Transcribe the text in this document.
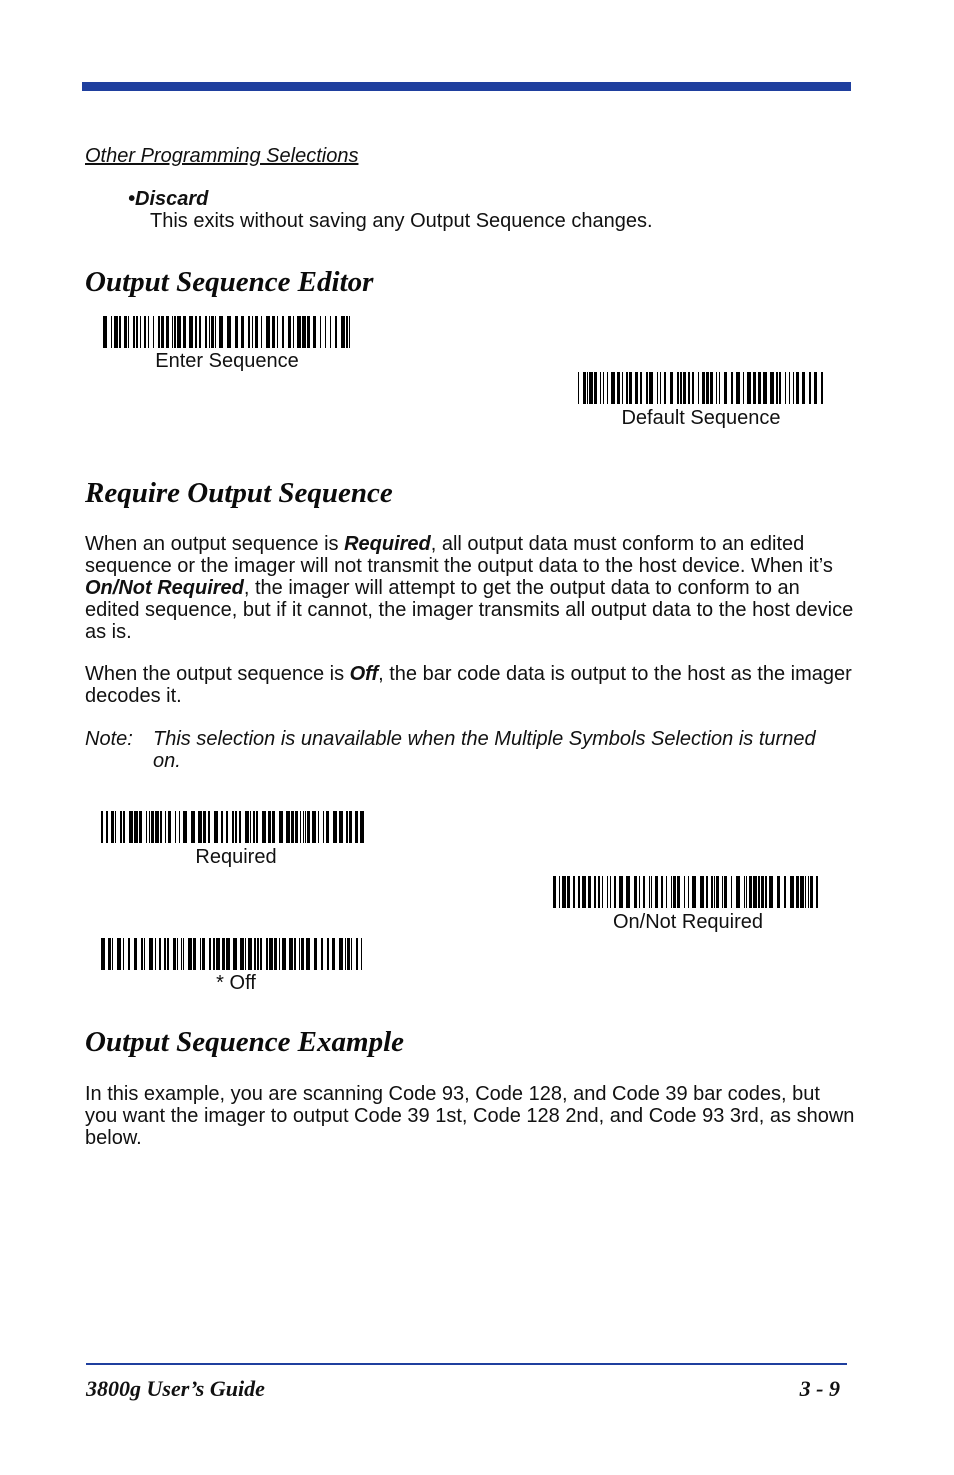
Other Programming Selections
•Discard
This exits without saving any Output Sequence changes.
Output Sequence Editor
Enter Sequence
Default Sequence
Require Output Sequence
When an output sequence is Required, all output data must conform to an edited sequence or the imager will not transmit the output data to the host device. When it’s On/Not Required, the imager will attempt to get the output data to conform to an edited sequence, but if it cannot, the imager transmits all output data to the host device as is.
When the output sequence is Off, the bar code data is output to the host as the imager decodes it.
Note: This selection is unavailable when the Multiple Symbols Selection is turned on.
Required
On/Not Required
* Off
Output Sequence Example
In this example, you are scanning Code 93, Code 128, and Code 39 bar codes, but you want the imager to output Code 39 1st, Code 128 2nd, and Code 93 3rd, as shown below.
3800g User’s Guide	3 - 9
